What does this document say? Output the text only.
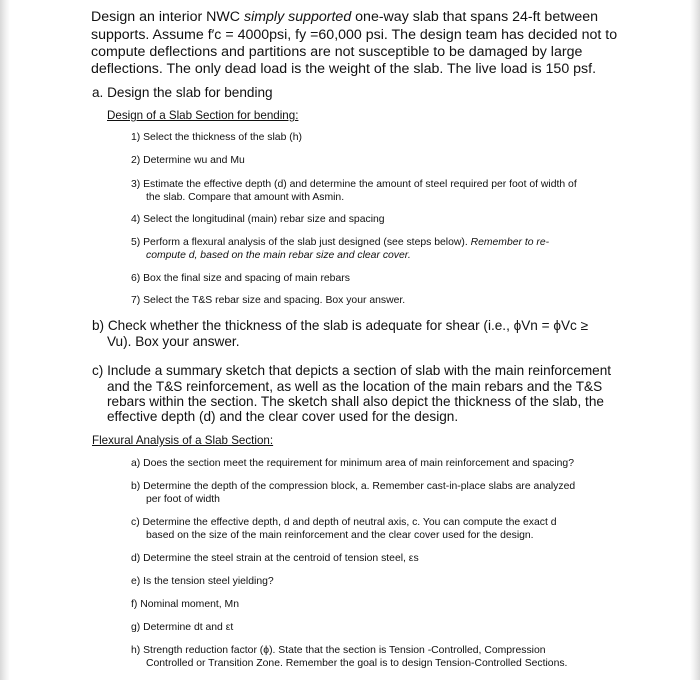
Design an interior NWC simply supported one-way slab that spans 24-ft between
supports. Assume f′c = 4000psi, fy =60,000 psi. The design team has decided not to
compute deflections and partitions are not susceptible to be damaged by large
deflections. The only dead load is the weight of the slab. The live load is 150 psf.
a. Design the slab for bending
Design of a Slab Section for bending:
1) Select the thickness of the slab (h)
2) Determine wu and Mu
3) Estimate the effective depth (d) and determine the amount of steel required per foot of width of
the slab. Compare that amount with Asmin.
4) Select the longitudinal (main) rebar size and spacing
5) Perform a flexural analysis of the slab just designed (see steps below). Remember to re-
compute d, based on the main rebar size and clear cover.
6) Box the final size and spacing of main rebars
7) Select the T&S rebar size and spacing. Box your answer.
b) Check whether the thickness of the slab is adequate for shear (i.e., ϕVn = ϕVc ≥
Vu). Box your answer.
c) Include a summary sketch that depicts a section of slab with the main reinforcement
and the T&S reinforcement, as well as the location of the main rebars and the T&S
rebars within the section. The sketch shall also depict the thickness of the slab, the
effective depth (d) and the clear cover used for the design.
Flexural Analysis of a Slab Section:
a) Does the section meet the requirement for minimum area of main reinforcement and spacing?
b) Determine the depth of the compression block, a. Remember cast-in-place slabs are analyzed
per foot of width
c) Determine the effective depth, d and depth of neutral axis, c. You can compute the exact d
based on the size of the main reinforcement and the clear cover used for the design.
d) Determine the steel strain at the centroid of tension steel, εs
e) Is the tension steel yielding?
f) Nominal moment, Mn
g) Determine dt and εt
h) Strength reduction factor (ϕ). State that the section is Tension -Controlled, Compression
Controlled or Transition Zone. Remember the goal is to design Tension-Controlled Sections.
